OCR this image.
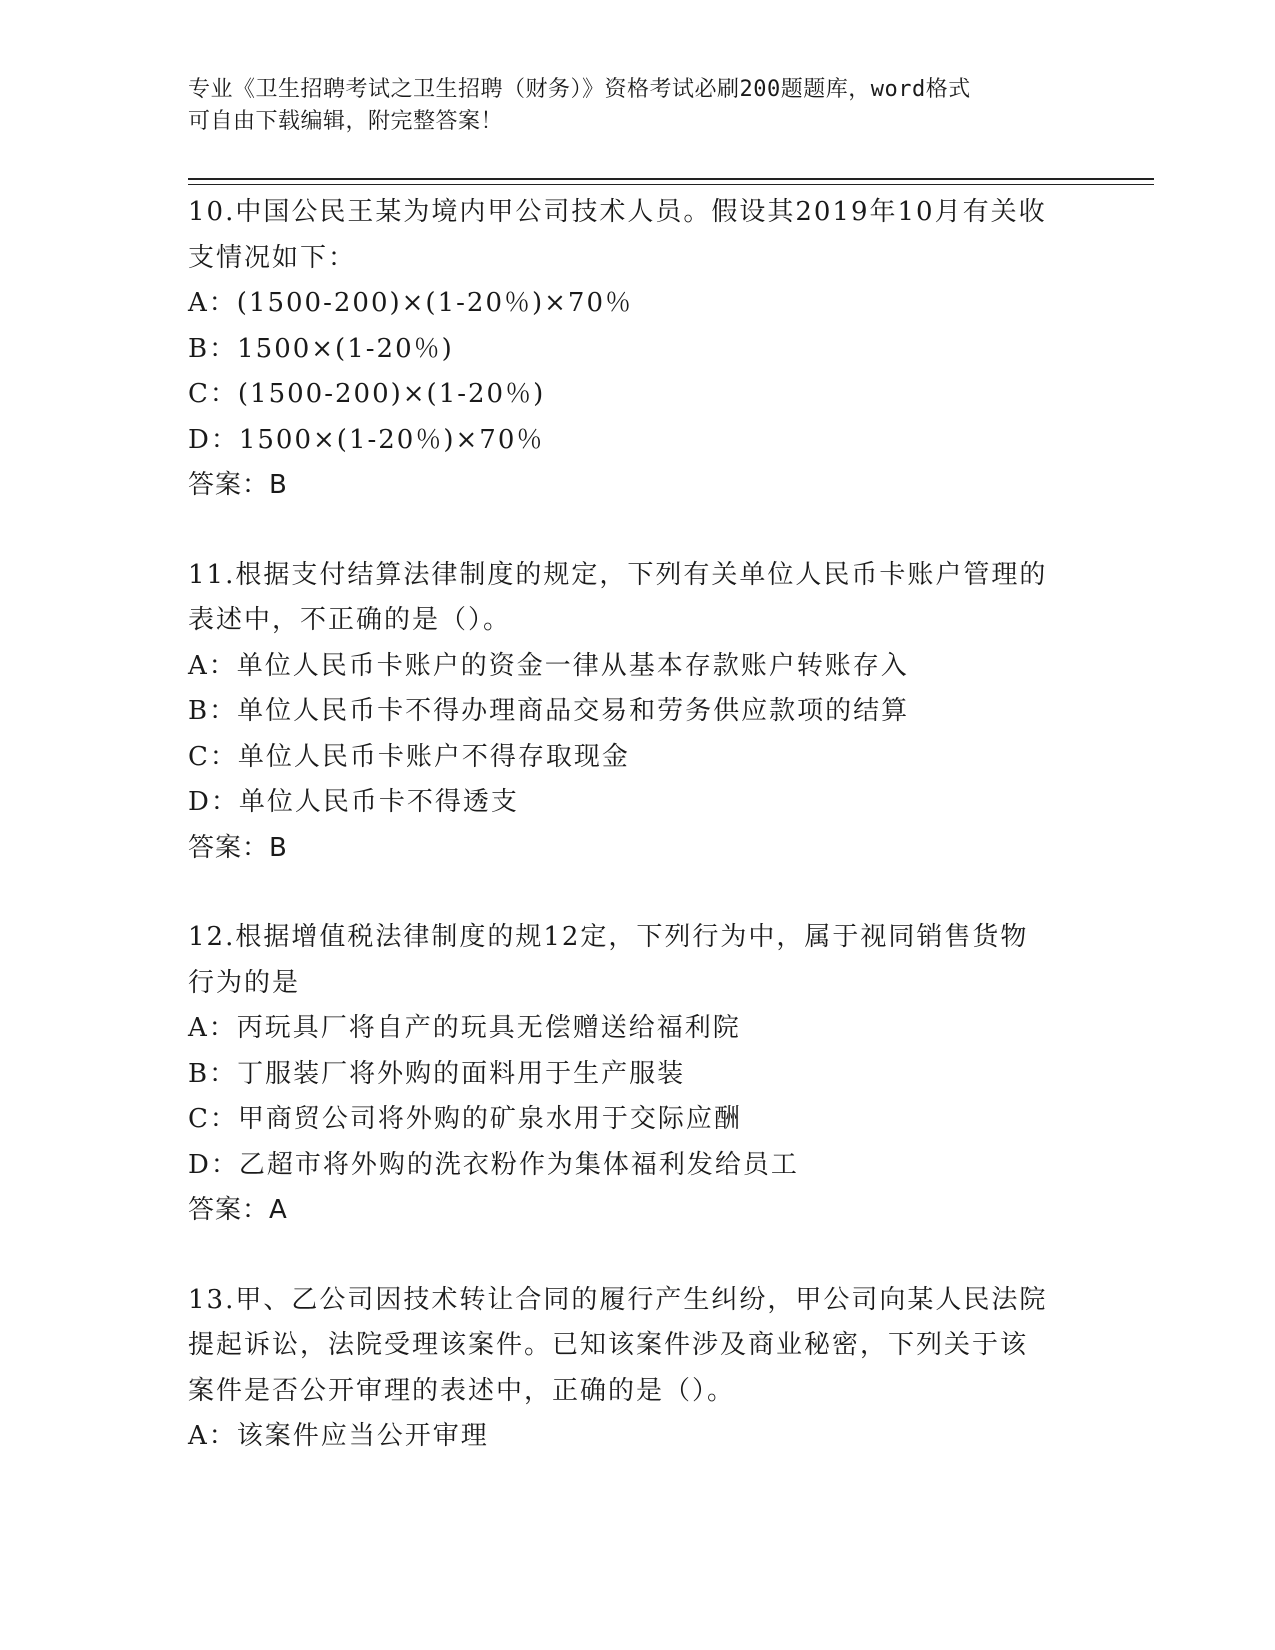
专业《卫生招聘考试之卫生招聘（财务）》资格考试必刷200题题库，word格式
可自由下载编辑，附完整答案！
10.中国公民王某为境内甲公司技术人员。假设其2019年10月有关收
支情况如下：
A：(1500-200)×(1-20％)×70％
B：1500×(1-20％)
C：(1500-200)×(1-20％)
D：1500×(1-20％)×70％
答案：B
11.根据支付结算法律制度的规定，下列有关单位人民币卡账户管理的
表述中，不正确的是（）。
A：单位人民币卡账户的资金一律从基本存款账户转账存入
B：单位人民币卡不得办理商品交易和劳务供应款项的结算
C：单位人民币卡账户不得存取现金
D：单位人民币卡不得透支
答案：B
12.根据增值税法律制度的规12定，下列行为中，属于视同销售货物
行为的是
A：丙玩具厂将自产的玩具无偿赠送给福利院
B：丁服装厂将外购的面料用于生产服装
C：甲商贸公司将外购的矿泉水用于交际应酬
D：乙超市将外购的洗衣粉作为集体福利发给员工
答案：A
13.甲、乙公司因技术转让合同的履行产生纠纷，甲公司向某人民法院
提起诉讼，法院受理该案件。已知该案件涉及商业秘密，下列关于该
案件是否公开审理的表述中，正确的是（）。
A：该案件应当公开审理
